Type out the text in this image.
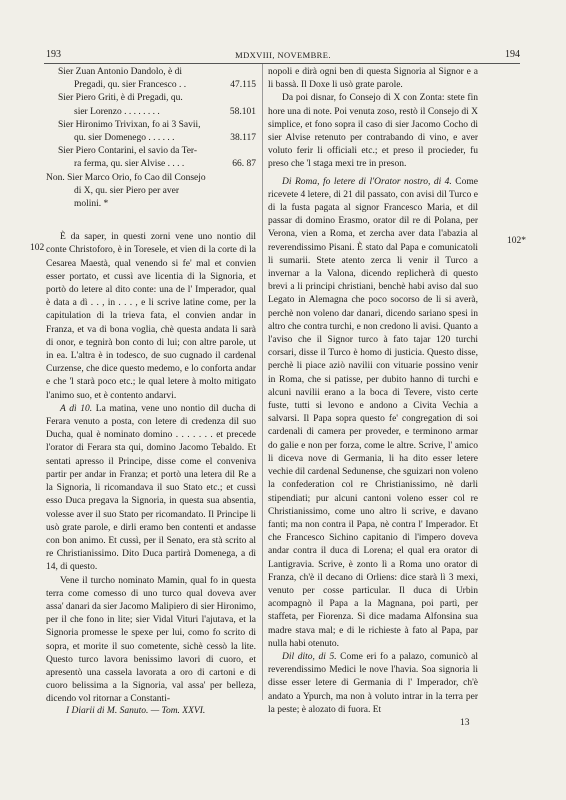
193	MDXVIII, NOVEMBRE.	194
Sier Zuan Antonio Dandolo, è di
Pregadi, qu. sier Francesco . .	47.115
Sier Piero Griti, è di Pregadi, qu.
sier Lorenzo . . . . . . . .	58.101
Sier Hironimo Trivixan, fo ai 3 Savii,
qu. sier Domenego . . . . . .	38.117
Sier Piero Contarini, el savio da Ter-
ra ferma, qu. sier Alvise . . . .	66. 87
Non. Sier Marco Orio, fo Cao dil Consejo
di X, qu. sier Piero per aver
molini. *

È da saper, in questi zorni vene uno nontio dil conte Christoforo, è in Toresele, et vien di la corte di la Cesarea Maestà, qual venendo si fe' mal et convien esser portato, et cussì ave licentia di la Signoria, et portò do letere al dito conte: una de l' Imperador, qual è data a dì . . , in . . . , e li scrive latine come, per la capitulation di la trieva fata, el convien andar in Franza, et va di bona voglia, chè questa andata li sarà di onor, e tegnirà bon conto di lui; con altre parole, ut in ea. L'altra è in todesco, de suo cugnado il cardenal Curzense, che dice questo medemo, e lo conforta andar e che 'l starà poco etc.; le qual letere à molto mitigato l'animo suo, et è contento andarvi.

A dì 10. La matina, vene uno nontio dil ducha di Ferara venuto a posta, con letere di credenza dil suo Ducha, qual è nominato domino . . . . . . . et precede l'orator di Ferara sta qui, domino Jacomo Tebaldo. Et sentati apresso il Principe, disse come el conveniva partir per andar in Franza; et portò una letera dil Re a la Signoria, li ricomandava il suo Stato etc.; et cussì esso Duca pregava la Signoria, in questa sua absentia, volesse aver il suo Stato per ricomandato. Il Principe li usò grate parole, e dirli eramo ben contenti et andasse con bon animo. Et cussì, per il Senato, era stà scrito al re Christianissimo. Dito Duca partirà Domenega, a dì 14, di questo.

Vene il turcho nominato Mamin, qual fo in questa terra come comesso di uno turco qual doveva aver assa' danari da sier Jacomo Malipiero di sier Hironimo, per il che fono in lite; sier Vidal Vituri l'ajutava, et la Signoria promesse le spexe per lui, como fo scrito di sopra, et morite il suo cometente, sichè cessò la lite. Questo turco lavora benissimo lavori di cuoro, et apresentò una cassela lavorata a oro di cartoni e di cuoro belissima a la Signoria, val assa' per belleza, dicendo vol ritornar a Constanti-

102

nopoli e dirà ogni ben di questa Signoria al Signor e a li bassà. Il Doxe li usò grate parole.

Da poi disnar, fo Consejo di X con Zonta: stete fin hore una di note. Poi venuta zoso, restò il Consejo di X simplice, et fono sopra il caso di sier Jacomo Cocho di sier Alvise retenuto per contrabando di vino, e aver voluto ferir li officiali etc.; et preso il procieder, fu preso che 'l staga mexi tre in preson.

Di Roma, fo letere di l'Orator nostro, di 4. Come ricevete 4 letere, di 21 dil passato, con avisi dil Turco e di la fusta pagata al signor Francesco Maria, et dil passar di domino Erasmo, orator dil re di Polana, per Verona, vien a Roma, et zercha aver data l'abazia al reverendissimo Pisani. È stato dal Papa e comunicatoli li sumarii. Stete atento zerca li venir il Turco a invernar a la Valona, dicendo replicherà di questo brevi a li principi christiani, benchè habi aviso dal suo Legato in Alemagna che poco socorso de li si averà, perchè non voleno dar danari, dicendo sariano spesi in altro che contra turchi, e non credono li avisi. Quanto a l'aviso che il Signor turco à fato tajar 120 turchi corsari, disse il Turco è homo di justicia. Questo disse, perchè li piace aziò navilii con vituarie possino venir in Roma, che si patisse, per dubito hanno di turchi e alcuni navilii erano a la boca di Tevere, visto certe fuste, tutti si levono e andono a Civita Vechia a salvarsi. Il Papa sopra questo fe' congregation di soi cardenali di camera per proveder, e terminono armar do galie e non per forza, come le altre. Scrive, l' amico li diceva nove di Germania, li ha dito esser letere vechie dil cardenal Sedunense, che sguizari non voleno la confederation col re Christianissimo, nè darli stipendiati; pur alcuni cantoni voleno esser col re Christianissimo, come uno altro li scrive, e davano fanti; ma non contra il Papa, nè contra l' Imperador. Et che Francesco Sichino capitanio di l'impero doveva andar contra il duca di Lorena; el qual era orator di Lantigravia. Scrive, è zonto lì a Roma uno orator di Franza, ch'è il decano di Orliens: dice starà lì 3 mexi, venuto per cosse particular. Il duca di Urbin acompagnò il Papa a la Magnana, poi partì, per staffeta, per Fiorenza. Si dice madama Alfonsina sua madre stava mal; e di le richieste à fato al Papa, par nulla habi otenuto.

Dil dito, di 5. Come eri fo a palazo, comunicò al reverendissimo Medici le nove l'havia. Soa signoria li disse esser letere di Germania di l' Imperador, ch'è andato a Ypurch, ma non à voluto intrar in la terra per la peste; è alozato di fuora. Et

102*
I Diarii di M. Sanuto. — Tom. XXVI.
13
